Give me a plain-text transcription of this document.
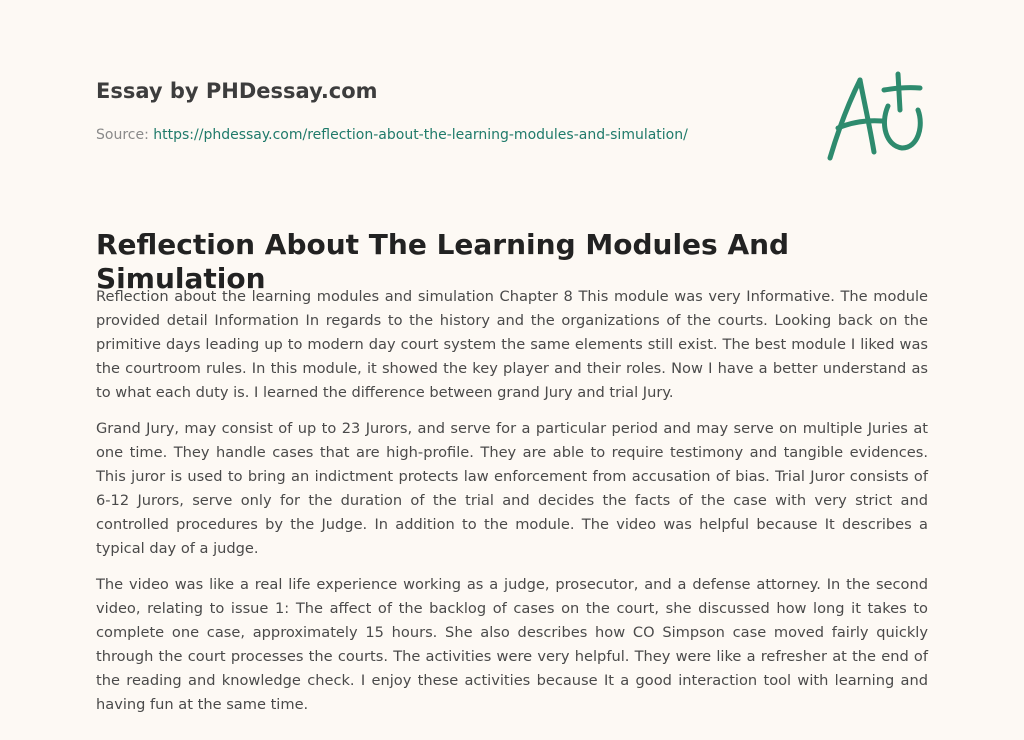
Essay by PHDessay.com
Source: https://phdessay.com/reflection-about-the-learning-modules-and-simulation/
Reflection About The Learning Modules And Simulation

Reflection about the learning modules and simulation Chapter 8 This module was very Informative. The module provided detail Information In regards to the history and the organizations of the courts. Looking back on the primitive days leading up to modern day court system the same elements still exist. The best module I liked was the courtroom rules. In this module, it showed the key player and their roles. Now I have a better understand as to what each duty is. I learned the difference between grand Jury and trial Jury.

Grand Jury, may consist of up to 23 Jurors, and serve for a particular period and may serve on multiple Juries at one time. They handle cases that are high-profile. They are able to require testimony and tangible evidences. This juror is used to bring an indictment protects law enforcement from accusation of bias. Trial Juror consists of 6-12 Jurors, serve only for the duration of the trial and decides the facts of the case with very strict and controlled procedures by the Judge. In addition to the module. The video was helpful because It describes a typical day of a judge.

The video was like a real life experience working as a judge, prosecutor, and a defense attorney. In the second video, relating to issue 1: The affect of the backlog of cases on the court, she discussed how long it takes to complete one case, approximately 15 hours. She also describes how CO Simpson case moved fairly quickly through the court processes the courts. The activities were very helpful. They were like a refresher at the end of the reading and knowledge check. I enjoy these activities because It a good interaction tool with learning and having fun at the same time.
